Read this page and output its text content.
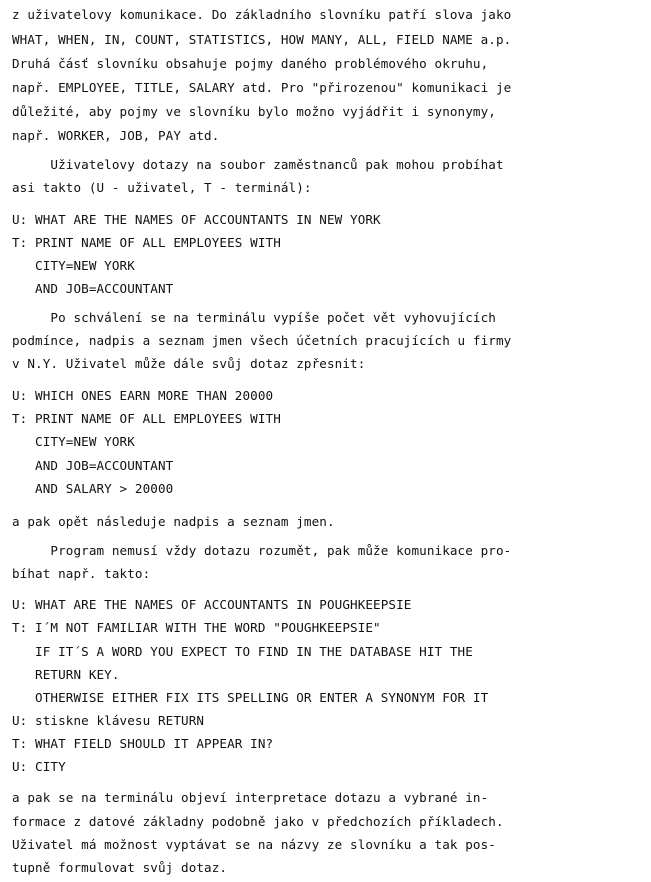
z uživatelovy komunikace. Do základního slovníku patří slova jako
WHAT, WHEN, IN, COUNT, STATISTICS, HOW MANY, ALL, FIELD NAME a.p.
Druhá čásť slovníku obsahuje pojmy daného problémového okruhu,
např. EMPLOYEE, TITLE, SALARY atd. Pro "přirozenou" komunikaci je
důležité, aby pojmy ve slovníku bylo možno vyjádřit i synonymy,
např. WORKER, JOB, PAY atd.
Uživatelovy dotazy na soubor zaměstnanců pak mohou probíhat
asi takto (U - uživatel, T - terminál):
U: WHAT ARE THE NAMES OF ACCOUNTANTS IN NEW YORK
T: PRINT NAME OF ALL EMPLOYEES WITH
CITY=NEW YORK
AND JOB=ACCOUNTANT
Po schválení se na terminálu vypíše počet vět vyhovujících
podmínce, nadpis a seznam jmen všech účetních pracujících u firmy
v N.Y. Uživatel může dále svůj dotaz zpřesnit:
U: WHICH ONES EARN MORE THAN 20000
T: PRINT NAME OF ALL EMPLOYEES WITH
CITY=NEW YORK
AND JOB=ACCOUNTANT
AND SALARY > 20000
a pak opět následuje nadpis a seznam jmen.
Program nemusí vždy dotazu rozumět, pak může komunikace pro-
bíhat např. takto:
U: WHAT ARE THE NAMES OF ACCOUNTANTS IN POUGHKEEPSIE
T: I´M NOT FAMILIAR WITH THE WORD "POUGHKEEPSIE"
IF IT´S A WORD YOU EXPECT TO FIND IN THE DATABASE HIT THE
RETURN KEY.
OTHERWISE EITHER FIX ITS SPELLING OR ENTER A SYNONYM FOR IT
U: stiskne klávesu RETURN
T: WHAT FIELD SHOULD IT APPEAR IN?
U: CITY
a pak se na terminálu objeví interpretace dotazu a vybrané in-
formace z datové základny podobně jako v předchozích příkladech.
Uživatel má možnost vyptávat se na názvy ze slovníku a tak pos-
tupně formulovat svůj dotaz.
